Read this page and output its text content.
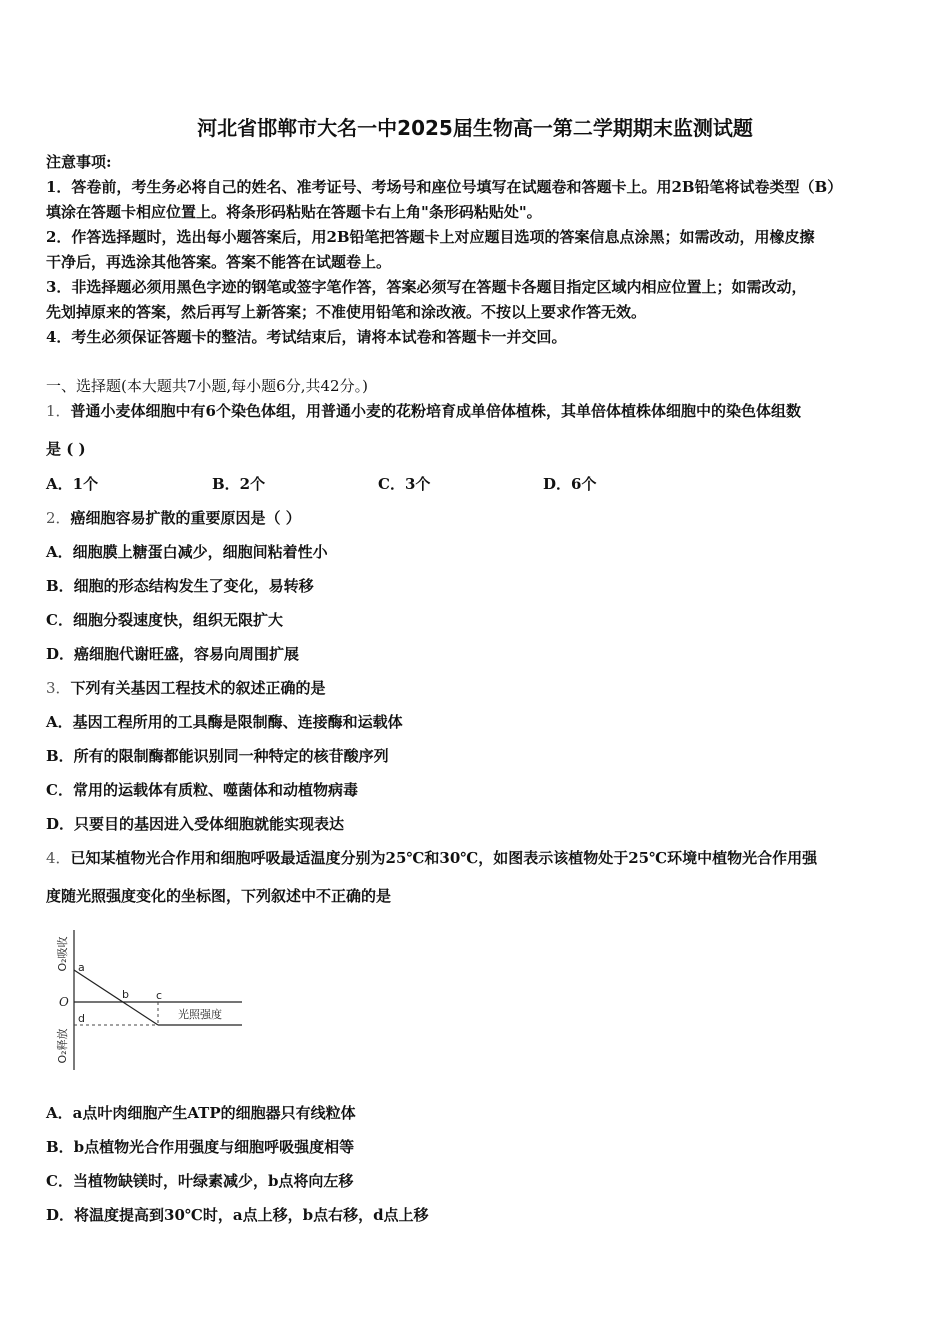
河北省邯郸市大名一中2025届生物高一第二学期期末监测试题
注意事项:
1．答卷前，考生务必将自己的姓名、准考证号、考场号和座位号填写在试题卷和答题卡上。用2B铅笔将试卷类型（B）
填涂在答题卡相应位置上。将条形码粘贴在答题卡右上角"条形码粘贴处"。
2．作答选择题时，选出每小题答案后，用2B铅笔把答题卡上对应题目选项的答案信息点涂黑；如需改动，用橡皮擦
干净后，再选涂其他答案。答案不能答在试题卷上。
3．非选择题必须用黑色字迹的钢笔或签字笔作答，答案必须写在答题卡各题目指定区域内相应位置上；如需改动，
先划掉原来的答案，然后再写上新答案；不准使用铅笔和涂改液。不按以上要求作答无效。
4．考生必须保证答题卡的整洁。考试结束后，请将本试卷和答题卡一并交回。
一、选择题(本大题共7小题,每小题6分,共42分。)
1．普通小麦体细胞中有6个染色体组，用普通小麦的花粉培育成单倍体植株，其单倍体植株体细胞中的染色体组数
是 ( )
A．1个	B．2个	C．3个	D．6个
2．癌细胞容易扩散的重要原因是（ ）
A．细胞膜上糖蛋白减少，细胞间粘着性小
B．细胞的形态结构发生了变化，易转移
C．细胞分裂速度快，组织无限扩大
D．癌细胞代谢旺盛，容易向周围扩展
3．下列有关基因工程技术的叙述正确的是
A．基因工程所用的工具酶是限制酶、连接酶和运载体
B．所有的限制酶都能识别同一种特定的核苷酸序列
C．常用的运载体有质粒、噬菌体和动植物病毒
D．只要目的基因进入受体细胞就能实现表达
4．已知某植物光合作用和细胞呼吸最适温度分别为25℃和30℃，如图表示该植物处于25℃环境中植物光合作用强
度随光照强度变化的坐标图，下列叙述中不正确的是
O₂吸收
O₂释放
O
a
b c
d	光照强度
A．a点叶肉细胞产生ATP的细胞器只有线粒体
B．b点植物光合作用强度与细胞呼吸强度相等
C．当植物缺镁时，叶绿素减少，b点将向左移
D．将温度提高到30℃时，a点上移，b点右移，d点上移
